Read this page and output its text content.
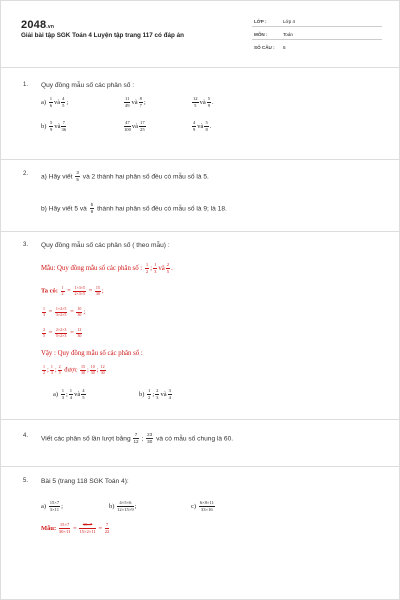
2048.vn
Giải bài tập SGK Toán 4 Luyện tập trang 117 có đáp án
LỚP :	Lớp 4
MÔN :	Toán
SỐ CÂU : 5
1. Quy đồng mẫu số các phân số :
$a) \frac{1}{6}$ và $\frac{4}{5}$ ;	$\frac{11}{49}$ và $\frac{8}{7}$ ;	$\frac{12}{5}$ và $\frac{5}{9}$ .
$b) \frac{5}{9}$ và $\frac{7}{36}$	$\frac{47}{100}$ và $\frac{17}{25}$	$\frac{4}{9}$ và $\frac{5}{8}$ .
2. a) Hãy viết $\frac{3}{5}$ và 2 thành hai phân số đều có mẫu số là 5.
b) Hãy viết 5 và $\frac{5}{9}$ thành hai phân số đều có mẫu số là 9; là 18.
3. Quy đồng mẫu số các phân số ( theo mẫu) :
Mẫu: Quy đồng mẫu số các phân số : $\frac{1}{2}$ ; $\frac{1}{3}$ và $\frac{2}{5}$ .
Ta có: $\frac{1}{2} = \frac{1\times 3\times 5}{2\times 3\times 5} = \frac{15}{30}$ ;
$\frac{1}{3} = \frac{1\times 2\times 5}{3\times 2\times 5} = \frac{10}{30}$ ;
$\frac{2}{5} = \frac{2\times 2\times 3}{5\times 2\times 3} = \frac{12}{30}$
Vậy : Quy đồng mẫu số các phân số :
$\frac{1}{2}$ ; $\frac{1}{3}$ ; $\frac{2}{5}$ được $\frac{15}{30}$ ; $\frac{10}{30}$ ; $\frac{12}{30}$
$a) \frac{1}{3}$ ; $\frac{1}{4}$ và $\frac{4}{5}$	$b) \frac{1}{2}$ ; $\frac{2}{3}$ và $\frac{3}{4}$
4. Viết các phân số lần lượt bằng $\frac{7}{12}$ ; $\frac{23}{30}$ và có mẫu số chung là 60.
5. Bài 5 (trang 118 SGK Toán 4):
$a) \frac{15\times 7}{3\times 11}$ ;	$b) \frac{4\times 5\times 6}{12\times 15\times 9}$ ;	$c) \frac{6\times 8\times 11}{33\times 16}$
Mẫu: $\frac{15\times 7}{30\times 11} = \frac{15\times 7}{15\times 2\times 11} = \frac{7}{22}$
